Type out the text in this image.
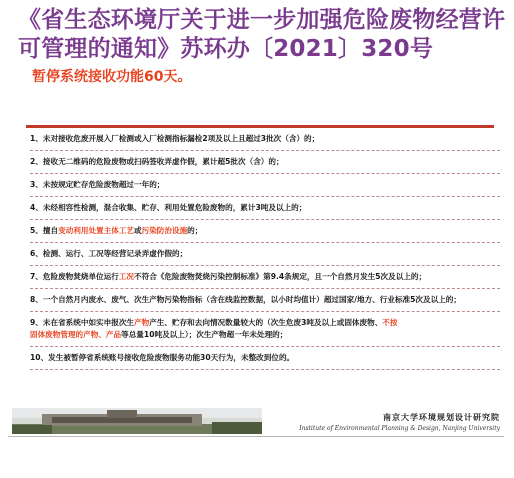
《省生态环境厅关于进一步加强危险废物经营许可管理的通知》苏环办〔2021〕320号
暂停系统接收功能60天。
1、未对接收危废开展入厂检测或入厂检测指标漏检2项及以上且超过3批次（含）的；
2、接收无二维码的危险废物或扫码签收弄虚作假，累计超5批次（含）的；
3、未按规定贮存危险废物超过一年的；
4、未经相容性检测，混合收集、贮存、利用处置危险废物的，累计3吨及以上的；
5、擅自变动利用处置主体工艺或污染防治设施的；
6、检测、运行、工况等经营记录弄虚作假的；
7、危险废物焚烧单位运行工况不符合《危险废物焚烧污染控制标准》第9.4条规定，且一个自然月发生5次及以上的；
8、一个自然月内废水、废气、次生产物污染物指标（含在线监控数据，以小时均值计）超过国家/地方、行业标准5次及以上的；
9、未在省系统中如实申报次生产物产生、贮存和去向情况数量较大的（次生危废3吨及以上或固体废物、不按
固体废物管理的产物、产品等总量10吨及以上）；次生产物超一年未处理的；
10、发生被暂停省系统账号接收危险废物服务功能30天行为，未整改到位的。
南京大学环境规划设计研究院
Institute of Environmental Planning & Design, Nanjing University
